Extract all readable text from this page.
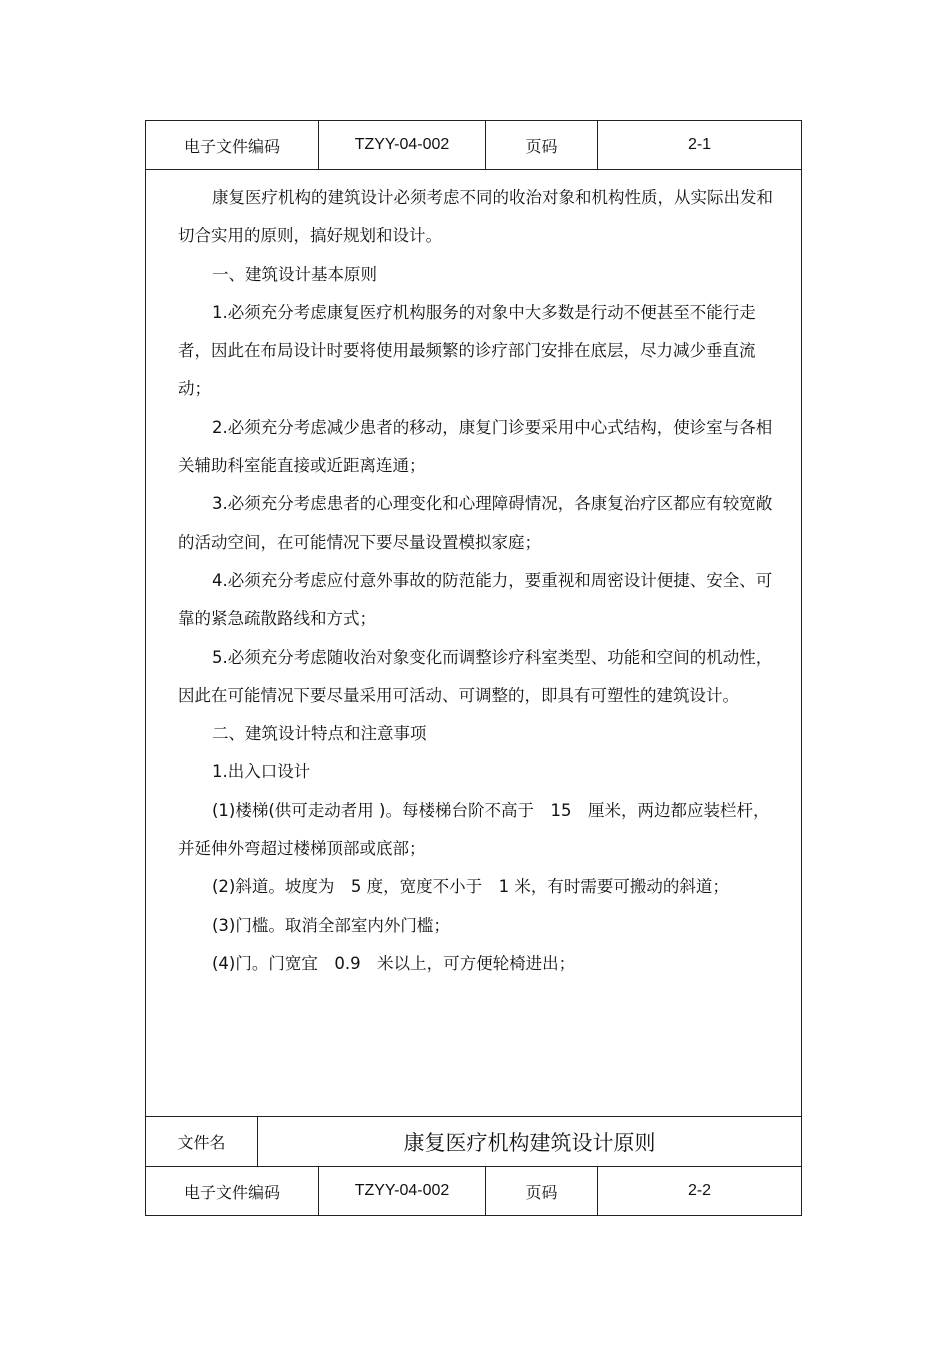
电子文件编码	TZYY-04-002	页码	2-1

康复医疗机构的建筑设计必须考虑不同的收治对象和机构性质，从实际出发和切合实用的原则，搞好规划和设计。

一、建筑设计基本原则

1.必须充分考虑康复医疗机构服务的对象中大多数是行动不便甚至不能行走者，因此在布局设计时要将使用最频繁的诊疗部门安排在底层，尽力减少垂直流动；

2.必须充分考虑减少患者的移动，康复门诊要采用中心式结构，使诊室与各相关辅助科室能直接或近距离连通；

3.必须充分考虑患者的心理变化和心理障碍情况，各康复治疗区都应有较宽敞的活动空间，在可能情况下要尽量设置模拟家庭；

4.必须充分考虑应付意外事故的防范能力，要重视和周密设计便捷、安全、可靠的紧急疏散路线和方式；

5.必须充分考虑随收治对象变化而调整诊疗科室类型、功能和空间的机动性，因此在可能情况下要尽量采用可活动、可调整的，即具有可塑性的建筑设计。

二、建筑设计特点和注意事项

1.出入口设计

(1)楼梯(供可走动者用 )。每楼梯台阶不高于　15　厘米，两边都应装栏杆，并延伸外弯超过楼梯顶部或底部；

(2)斜道。坡度为　5 度，宽度不小于　1 米，有时需要可搬动的斜道；

(3)门槛。取消全部室内外门槛；

(4)门。门宽宜　0.9　米以上，可方便轮椅进出；

文件名	康复医疗机构建筑设计原则
电子文件编码	TZYY-04-002	页码	2-2
